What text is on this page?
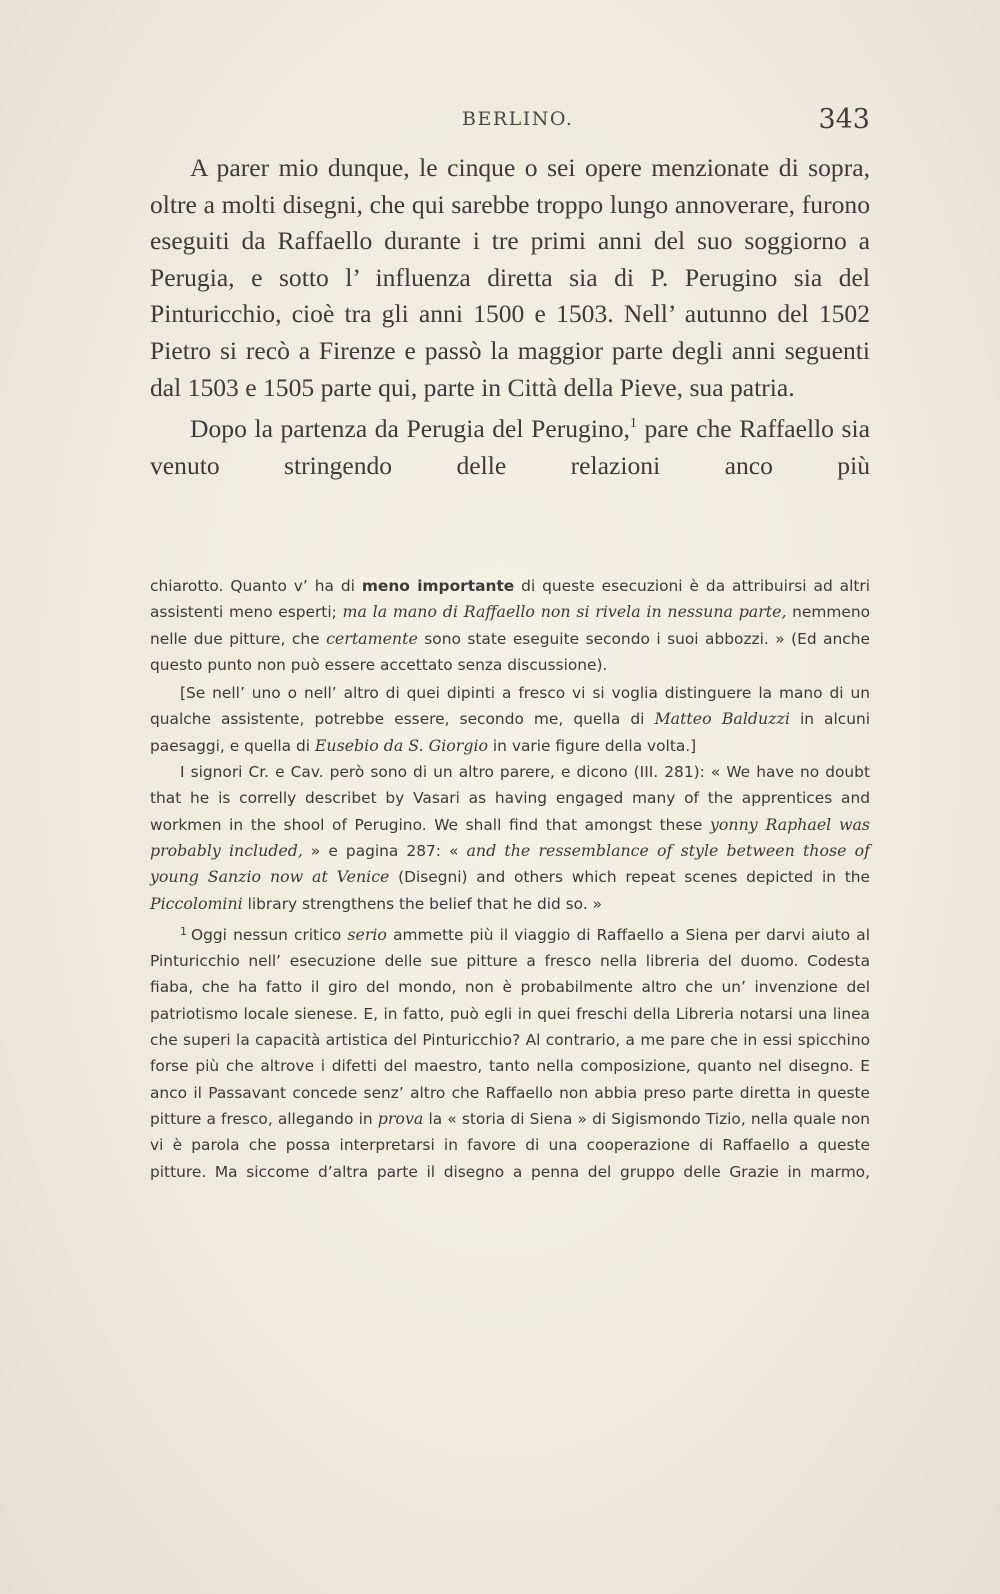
BERLINO.	343

A parer mio dunque, le cinque o sei opere menzionate di sopra, oltre a molti disegni, che qui sarebbe troppo lungo annoverare, furono eseguiti da Raffaello durante i tre primi anni del suo soggiorno a Perugia, e sotto l’ influenza diretta sia di P. Perugino sia del Pinturicchio, cioè tra gli anni 1500 e 1503. Nell’ autunno del 1502 Pietro si recò a Firenze e passò la maggior parte degli anni seguenti dal 1503 e 1505 parte qui, parte in Città della Pieve, sua patria.

Dopo la partenza da Perugia del Perugino,$^1$ pare che Raffaello sia venuto stringendo delle relazioni anco più

chiarotto. Quanto v’ ha di meno importante di queste esecuzioni è da attribuirsi ad altri assistenti meno esperti; ma la mano di Raffaello non si rivela in nessuna parte, nemmeno nelle due pitture, che certamente sono state eseguite secondo i suoi abbozzi. » (Ed anche questo punto non può essere accettato senza discussione).

[Se nell’ uno o nell’ altro di quei dipinti a fresco vi si voglia distinguere la mano di un qualche assistente, potrebbe essere, secondo me, quella di Matteo Balduzzi in alcuni paesaggi, e quella di Eusebio da S. Giorgio in varie figure della volta.]

I signori Cr. e Cav. però sono di un altro parere, e dicono (III. 281): « We have no doubt that he is correlly describet by Vasari as having engaged many of the apprentices and workmen in the shool of Perugino. We shall find that amongst these yonny Raphael was probably included, » e pagina 287: « and the ressemblance of style between those of young Sanzio now at Venice (Disegni) and others which repeat scenes depicted in the Piccolomini library strengthens the belief that he did so. »

$^1$ Oggi nessun critico serio ammette più il viaggio di Raffaello a Siena per darvi aiuto al Pinturicchio nell’ esecuzione delle sue pitture a fresco nella libreria del duomo. Codesta fiaba, che ha fatto il giro del mondo, non è probabilmente altro che un’ invenzione del patriotismo locale sienese. E, in fatto, può egli in quei freschi della Libreria notarsi una linea che superi la capacità artistica del Pinturicchio? Al contrario, a me pare che in essi spicchino forse più che altrove i difetti del maestro, tanto nella composizione, quanto nel disegno. E anco il Passavant concede senz’ altro che Raffaello non abbia preso parte diretta in queste pitture a fresco, allegando in prova la « storia di Siena » di Sigismondo Tizio, nella quale non vi è parola che possa interpretarsi in favore di una cooperazione di Raffaello a queste pitture. Ma siccome d’altra parte il disegno a penna del gruppo delle Grazie in marmo,
